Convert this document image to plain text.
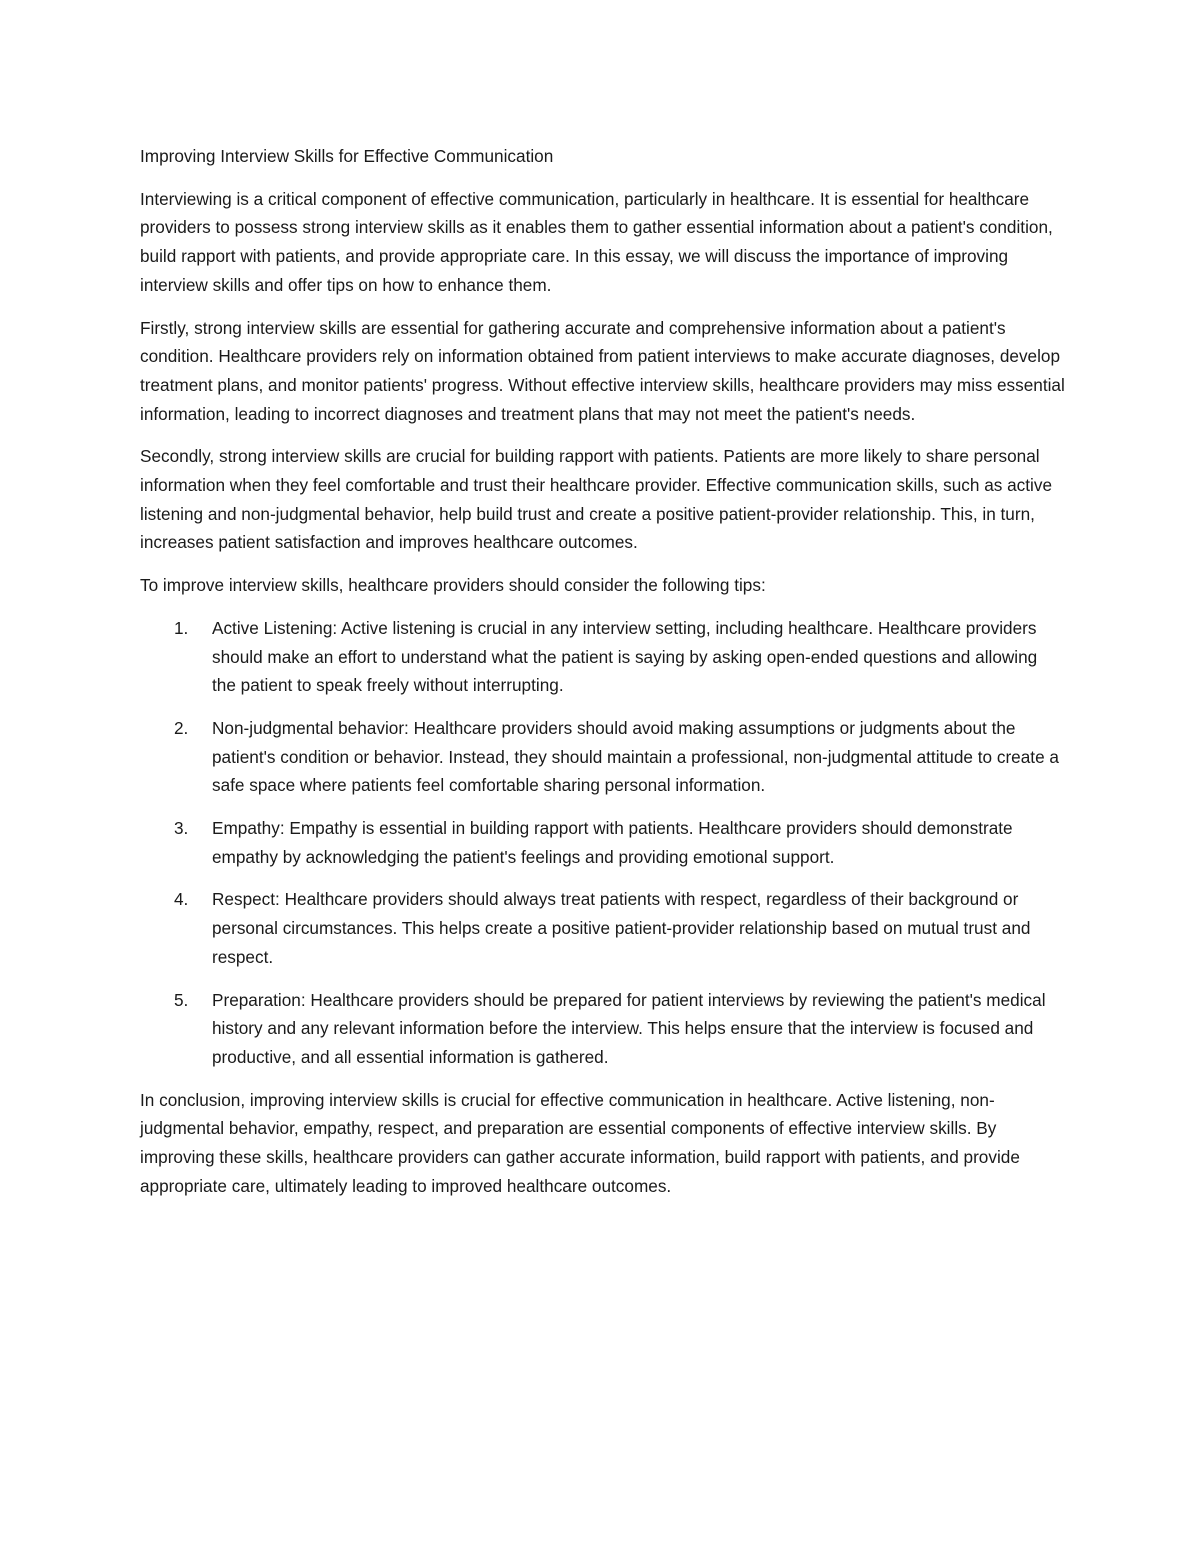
Improving Interview Skills for Effective Communication

Interviewing is a critical component of effective communication, particularly in healthcare. It is essential for healthcare providers to possess strong interview skills as it enables them to gather essential information about a patient's condition, build rapport with patients, and provide appropriate care. In this essay, we will discuss the importance of improving interview skills and offer tips on how to enhance them.

Firstly, strong interview skills are essential for gathering accurate and comprehensive information about a patient's condition. Healthcare providers rely on information obtained from patient interviews to make accurate diagnoses, develop treatment plans, and monitor patients' progress. Without effective interview skills, healthcare providers may miss essential information, leading to incorrect diagnoses and treatment plans that may not meet the patient's needs.

Secondly, strong interview skills are crucial for building rapport with patients. Patients are more likely to share personal information when they feel comfortable and trust their healthcare provider. Effective communication skills, such as active listening and non-judgmental behavior, help build trust and create a positive patient-provider relationship. This, in turn, increases patient satisfaction and improves healthcare outcomes.

To improve interview skills, healthcare providers should consider the following tips:

1. Active Listening: Active listening is crucial in any interview setting, including healthcare. Healthcare providers should make an effort to understand what the patient is saying by asking open-ended questions and allowing the patient to speak freely without interrupting.
2. Non-judgmental behavior: Healthcare providers should avoid making assumptions or judgments about the patient's condition or behavior. Instead, they should maintain a professional, non-judgmental attitude to create a safe space where patients feel comfortable sharing personal information.
3. Empathy: Empathy is essential in building rapport with patients. Healthcare providers should demonstrate empathy by acknowledging the patient's feelings and providing emotional support.
4. Respect: Healthcare providers should always treat patients with respect, regardless of their background or personal circumstances. This helps create a positive patient-provider relationship based on mutual trust and respect.
5. Preparation: Healthcare providers should be prepared for patient interviews by reviewing the patient's medical history and any relevant information before the interview. This helps ensure that the interview is focused and productive, and all essential information is gathered.

In conclusion, improving interview skills is crucial for effective communication in healthcare. Active listening, non-judgmental behavior, empathy, respect, and preparation are essential components of effective interview skills. By improving these skills, healthcare providers can gather accurate information, build rapport with patients, and provide appropriate care, ultimately leading to improved healthcare outcomes.
